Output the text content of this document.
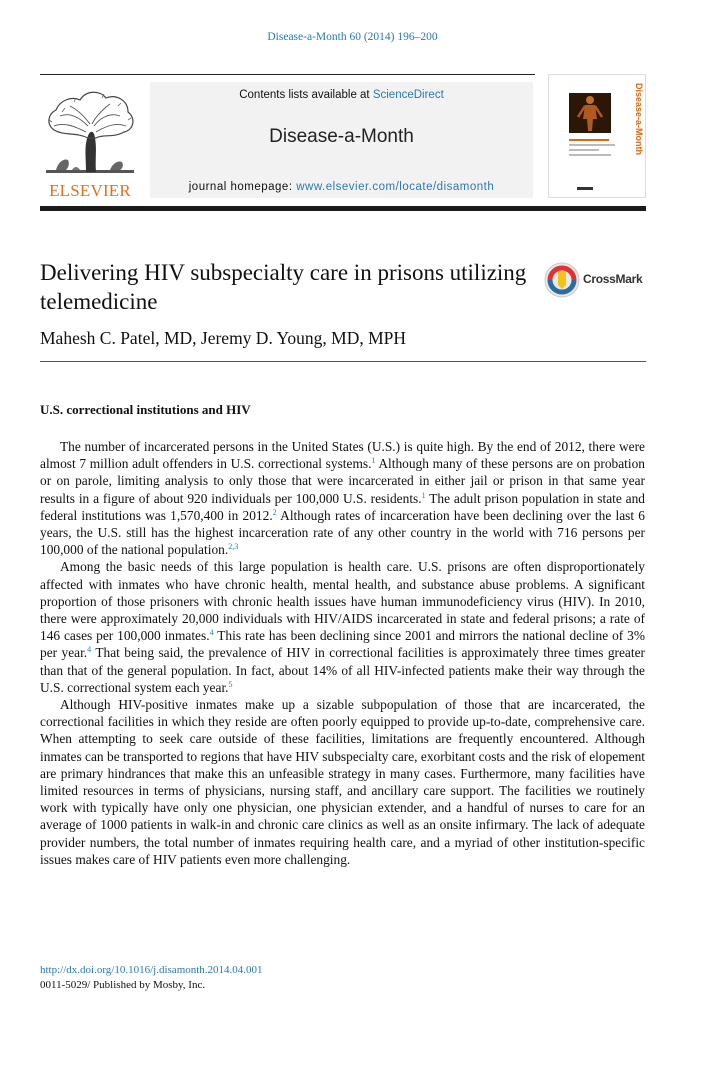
Disease-a-Month 60 (2014) 196–200
ELSEVIER
Contents lists available at ScienceDirect
Disease-a-Month
journal homepage: www.elsevier.com/locate/disamonth
Disease-a-Month
Delivering HIV subspecialty care in prisons utilizing telemedicine
CrossMark
Mahesh C. Patel, MD, Jeremy D. Young, MD, MPH
U.S. correctional institutions and HIV

The number of incarcerated persons in the United States (U.S.) is quite high. By the end of 2012, there were almost 7 million adult offenders in U.S. correctional systems.$^1$ Although many of these persons are on probation or on parole, limiting analysis to only those that were incarcerated in either jail or prison in that same year results in a figure of about 920 individuals per 100,000 U.S. residents.$^1$ The adult prison population in state and federal institutions was 1,570,400 in 2012.$^2$ Although rates of incarceration have been declining over the last 6 years, the U.S. still has the highest incarceration rate of any other country in the world with 716 persons per 100,000 of the national population.$^{2,3}$

Among the basic needs of this large population is health care. U.S. prisons are often disproportionately affected with inmates who have chronic health, mental health, and substance abuse problems. A significant proportion of those prisoners with chronic health issues have human immunodeficiency virus (HIV). In 2010, there were approximately 20,000 individuals with HIV/AIDS incarcerated in state and federal prisons; a rate of 146 cases per 100,000 inmates.$^4$ This rate has been declining since 2001 and mirrors the national decline of 3% per year.$^4$ That being said, the prevalence of HIV in correctional facilities is approximately three times greater than that of the general population. In fact, about 14% of all HIV-infected patients make their way through the U.S. correctional system each year.$^5$

Although HIV-positive inmates make up a sizable subpopulation of those that are incarcerated, the correctional facilities in which they reside are often poorly equipped to provide up-to-date, comprehensive care. When attempting to seek care outside of these facilities, limitations are frequently encountered. Although inmates can be transported to regions that have HIV subspecialty care, exorbitant costs and the risk of elopement are primary hindrances that make this an unfeasible strategy in many cases. Furthermore, many facilities have limited resources in terms of physicians, nursing staff, and ancillary care support. The facilities we routinely work with typically have only one physician, one physician extender, and a handful of nurses to care for an average of 1000 patients in walk-in and chronic care clinics as well as an onsite infirmary. The lack of adequate provider numbers, the total number of inmates requiring health care, and a myriad of other institution-specific issues makes care of HIV patients even more challenging.

http://dx.doi.org/10.1016/j.disamonth.2014.04.001
0011-5029/ Published by Mosby, Inc.
